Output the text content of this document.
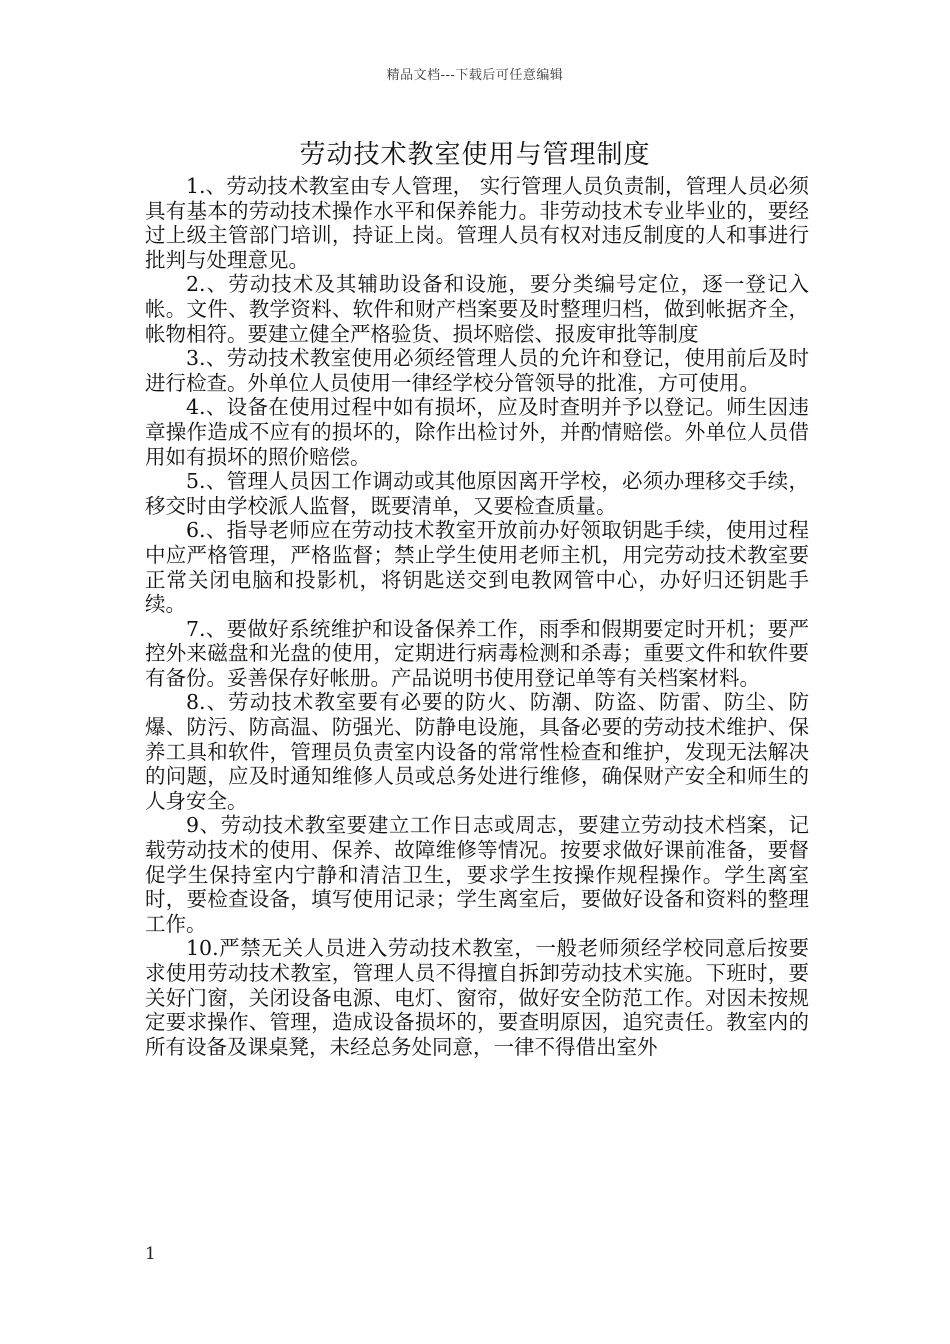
精品文档---下载后可任意编辑
劳动技术教室使用与管理制度

1.、劳动技术教室由专人管理， 实行管理人员负责制，管理人员必须具有基本的劳动技术操作水平和保养能力。非劳动技术专业毕业的，要经过上级主管部门培训，持证上岗。管理人员有权对违反制度的人和事进行批判与处理意见。

2.、劳动技术及其辅助设备和设施，要分类编号定位，逐一登记入帐。文件、教学资料、软件和财产档案要及时整理归档，做到帐据齐全，帐物相符。要建立健全严格验货、损坏赔偿、报废审批等制度

3.、劳动技术教室使用必须经管理人员的允许和登记，使用前后及时进行检查。外单位人员使用一律经学校分管领导的批准，方可使用。

4.、设备在使用过程中如有损坏，应及时查明并予以登记。师生因违章操作造成不应有的损坏的，除作出检讨外，并酌情赔偿。外单位人员借用如有损坏的照价赔偿。

5.、管理人员因工作调动或其他原因离开学校，必须办理移交手续，移交时由学校派人监督，既要清单，又要检查质量。

6.、指导老师应在劳动技术教室开放前办好领取钥匙手续，使用过程中应严格管理，严格监督；禁止学生使用老师主机，用完劳动技术教室要正常关闭电脑和投影机，将钥匙送交到电教网管中心，办好归还钥匙手续。

7.、要做好系统维护和设备保养工作，雨季和假期要定时开机；要严控外来磁盘和光盘的使用，定期进行病毒检测和杀毒；重要文件和软件要有备份。妥善保存好帐册。产品说明书使用登记单等有关档案材料。

8.、劳动技术教室要有必要的防火、防潮、防盗、防雷、防尘、防爆、防污、防高温、防强光、防静电设施，具备必要的劳动技术维护、保养工具和软件，管理员负责室内设备的常常性检查和维护，发现无法解决的问题，应及时通知维修人员或总务处进行维修，确保财产安全和师生的人身安全。

9、劳动技术教室要建立工作日志或周志，要建立劳动技术档案，记载劳动技术的使用、保养、故障维修等情况。按要求做好课前准备，要督促学生保持室内宁静和清洁卫生，要求学生按操作规程操作。学生离室时，要检查设备，填写使用记录；学生离室后，要做好设备和资料的整理工作。

10.严禁无关人员进入劳动技术教室，一般老师须经学校同意后按要求使用劳动技术教室，管理人员不得擅自拆卸劳动技术实施。下班时，要关好门窗，关闭设备电源、电灯、窗帘，做好安全防范工作。对因未按规定要求操作、管理，造成设备损坏的，要查明原因，追究责任。教室内的所有设备及课桌凳，未经总务处同意，一律不得借出室外

1
